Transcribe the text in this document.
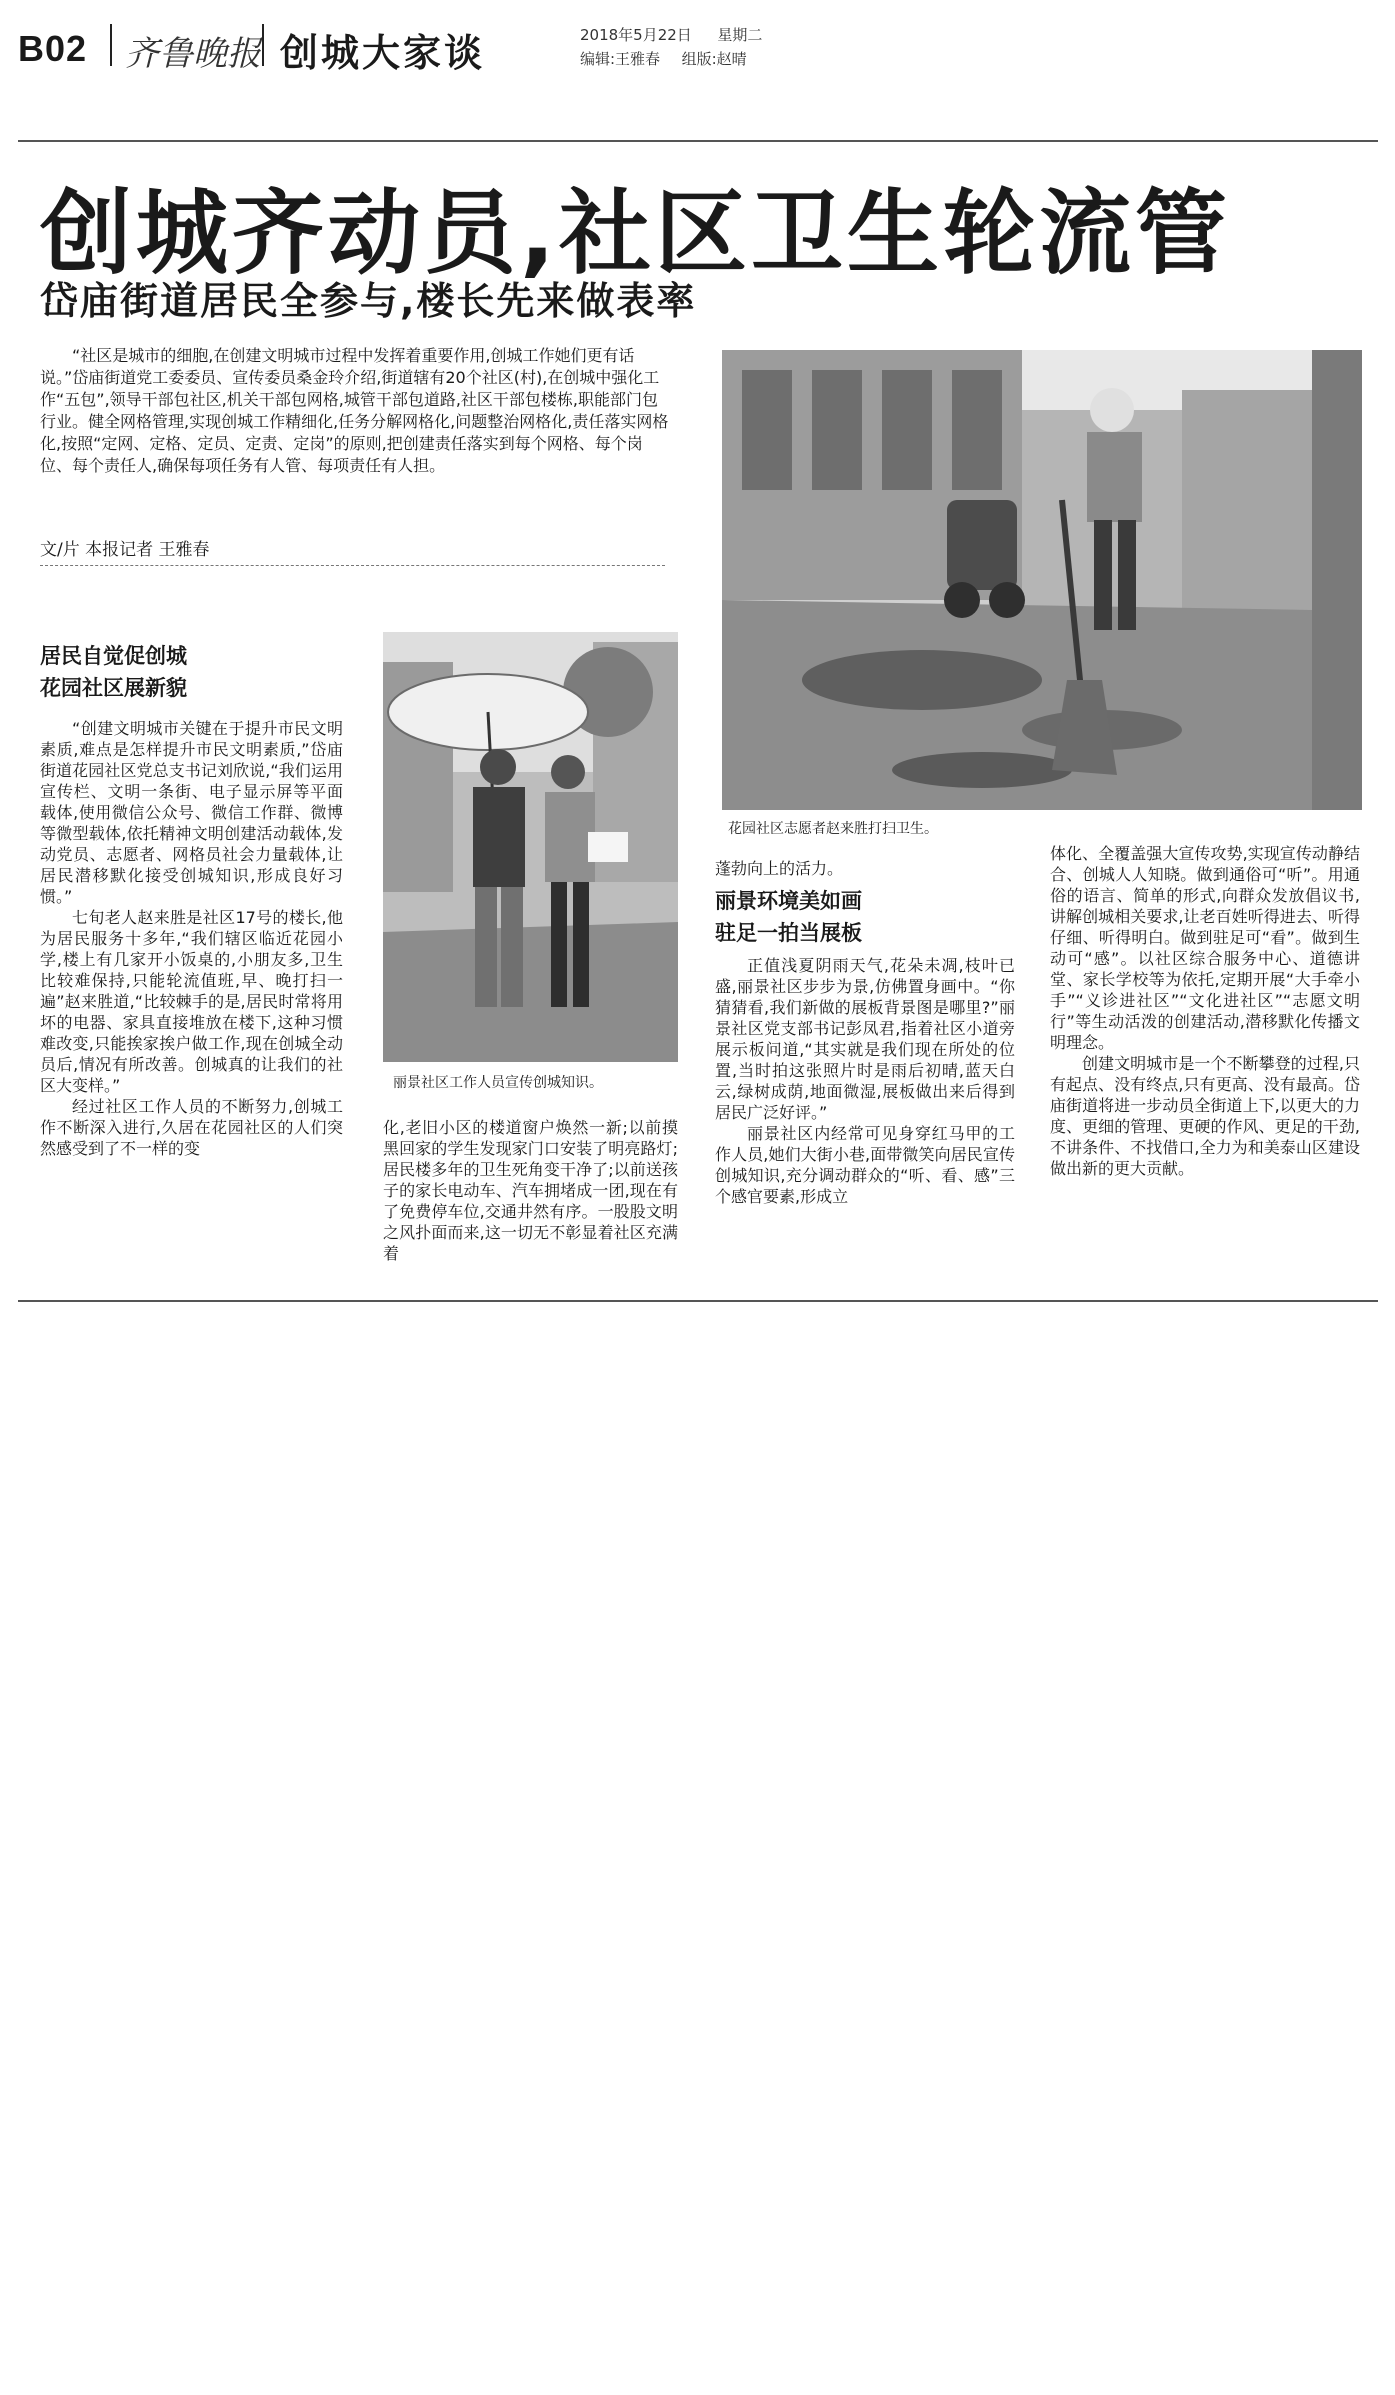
B02 齐鲁晚报 创城大家谈	2018年5月22日 星期二
编辑:王雅春 组版:赵晴
创城齐动员,社区卫生轮流管
岱庙街道居民全参与,楼长先来做表率
“社区是城市的细胞,在创建文明城市过程中发挥着重要作用,创城工作她们更有话说。”岱庙街道党工委委员、宣传委员桑金玲介绍,街道辖有20个社区(村),在创城中强化工作“五包”,领导干部包社区,机关干部包网格,城管干部包道路,社区干部包楼栋,职能部门包行业。健全网格管理,实现创城工作精细化,任务分解网格化,问题整治网格化,责任落实网格化,按照“定网、定格、定员、定责、定岗”的原则,把创建责任落实到每个网格、每个岗位、每个责任人,确保每项任务有人管、每项责任有人担。
文/片 本报记者 王雅春
花园社区志愿者赵来胜打扫卫生。
丽景社区工作人员宣传创城知识。
居民自觉促创城
花园社区展新貌

“创建文明城市关键在于提升市民文明素质,难点是怎样提升市民文明素质,”岱庙街道花园社区党总支书记刘欣说,“我们运用宣传栏、文明一条街、电子显示屏等平面载体,使用微信公众号、微信工作群、微博等微型载体,依托精神文明创建活动载体,发动党员、志愿者、网格员社会力量载体,让居民潜移默化接受创城知识,形成良好习惯。”

七旬老人赵来胜是社区17号的楼长,他为居民服务十多年,“我们辖区临近花园小学,楼上有几家开小饭桌的,小朋友多,卫生比较难保持,只能轮流值班,早、晚打扫一遍”赵来胜道,“比较棘手的是,居民时常将用坏的电器、家具直接堆放在楼下,这种习惯难改变,只能挨家挨户做工作,现在创城全动员后,情况有所改善。创城真的让我们的社区大变样。”

经过社区工作人员的不断努力,创城工作不断深入进行,久居在花园社区的人们突然感受到了不一样的变

化,老旧小区的楼道窗户焕然一新;以前摸黑回家的学生发现家门口安装了明亮路灯;居民楼多年的卫生死角变干净了;以前送孩子的家长电动车、汽车拥堵成一团,现在有了免费停车位,交通井然有序。一股股文明之风扑面而来,这一切无不彰显着社区充满着

蓬勃向上的活力。

丽景环境美如画
驻足一拍当展板

正值浅夏阴雨天气,花朵未凋,枝叶已盛,丽景社区步步为景,仿佛置身画中。“你猜猜看,我们新做的展板背景图是哪里?”丽景社区党支部书记彭凤君,指着社区小道旁展示板问道,“其实就是我们现在所处的位置,当时拍这张照片时是雨后初晴,蓝天白云,绿树成荫,地面微湿,展板做出来后得到居民广泛好评。”

丽景社区内经常可见身穿红马甲的工作人员,她们大街小巷,面带微笑向居民宣传创城知识,充分调动群众的“听、看、感”三个感官要素,形成立

体化、全覆盖强大宣传攻势,实现宣传动静结合、创城人人知晓。做到通俗可“听”。用通俗的语言、简单的形式,向群众发放倡议书,讲解创城相关要求,让老百姓听得进去、听得仔细、听得明白。做到驻足可“看”。做到生动可“感”。以社区综合服务中心、道德讲堂、家长学校等为依托,定期开展“大手牵小手”“义诊进社区”“文化进社区”“志愿文明行”等生动活泼的创建活动,潜移默化传播文明理念。

创建文明城市是一个不断攀登的过程,只有起点、没有终点,只有更高、没有最高。岱庙街道将进一步动员全街道上下,以更大的力度、更细的管理、更硬的作风、更足的干劲,不讲条件、不找借口,全力为和美泰山区建设做出新的更大贡献。
